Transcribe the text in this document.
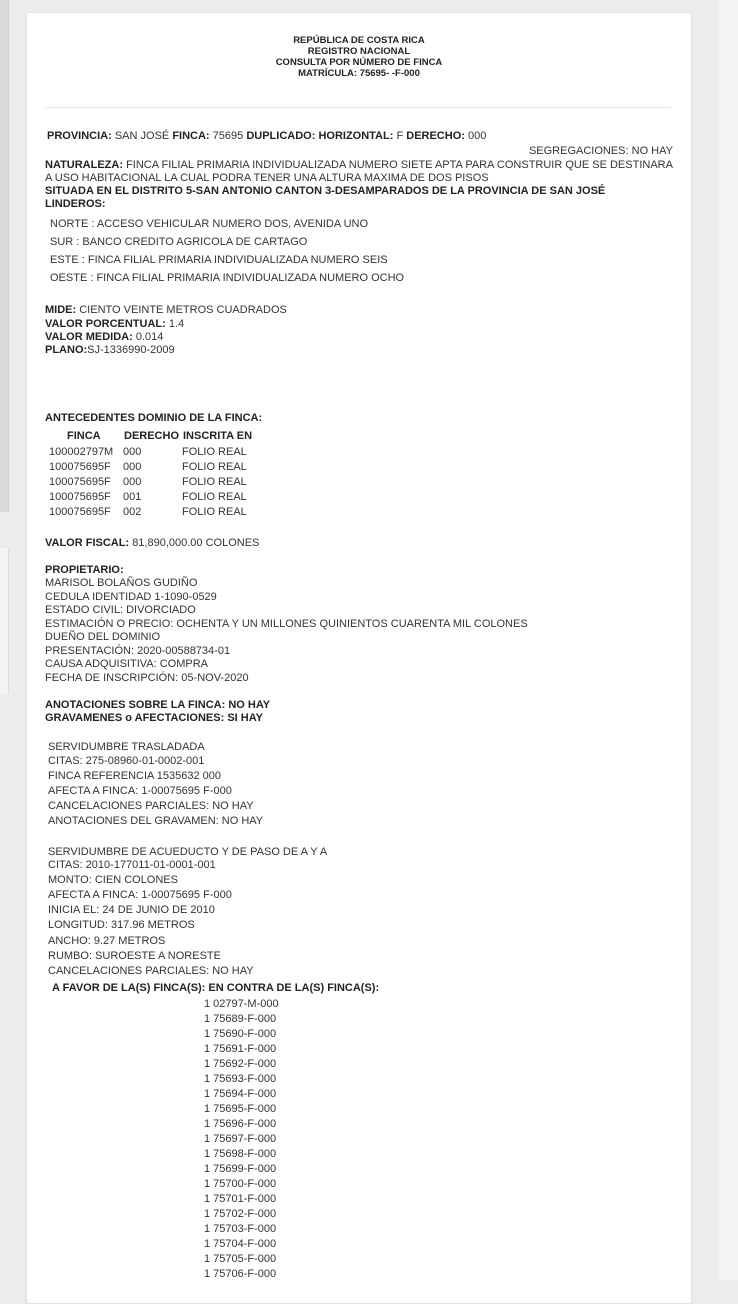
REPÚBLICA DE COSTA RICA
REGISTRO NACIONAL
CONSULTA POR NÚMERO DE FINCA
MATRÍCULA: 75695- -F-000
PROVINCIA: SAN JOSÉ FINCA: 75695 DUPLICADO: HORIZONTAL: F DERECHO: 000
SEGREGACIONES: NO HAY
NATURALEZA: FINCA FILIAL PRIMARIA INDIVIDUALIZADA NUMERO SIETE APTA PARA CONSTRUIR QUE SE DESTINARA A USO HABITACIONAL LA CUAL PODRA TENER UNA ALTURA MAXIMA DE DOS PISOS
SITUADA EN EL DISTRITO 5-SAN ANTONIO CANTON 3-DESAMPARADOS DE LA PROVINCIA DE SAN JOSÉ
LINDEROS:
NORTE : ACCESO VEHICULAR NUMERO DOS, AVENIDA UNO
SUR : BANCO CREDITO AGRICOLA DE CARTAGO
ESTE : FINCA FILIAL PRIMARIA INDIVIDUALIZADA NUMERO SEIS
OESTE : FINCA FILIAL PRIMARIA INDIVIDUALIZADA NUMERO OCHO
MIDE: CIENTO VEINTE METROS CUADRADOS
VALOR PORCENTUAL: 1.4
VALOR MEDIDA: 0.014
PLANO:SJ-1336990-2009
ANTECEDENTES DOMINIO DE LA FINCA:
FINCA DERECHO INSCRITA EN
100002797M
100075695F
100075695F
100075695F
100075695F
000
000
000
001
002
FOLIO REAL
FOLIO REAL
FOLIO REAL
FOLIO REAL
FOLIO REAL
VALOR FISCAL: 81,890,000.00 COLONES
PROPIETARIO:
MARISOL BOLAÑOS GUDIÑO
CEDULA IDENTIDAD 1-1090-0529
ESTADO CIVIL: DIVORCIADO
ESTIMACIÓN O PRECIO: OCHENTA Y UN MILLONES QUINIENTOS CUARENTA MIL COLONES
DUEÑO DEL DOMINIO
PRESENTACIÓN: 2020-00588734-01
CAUSA ADQUISITIVA: COMPRA
FECHA DE INSCRIPCIÓN: 05-NOV-2020
ANOTACIONES SOBRE LA FINCA: NO HAY
GRAVAMENES o AFECTACIONES: SI HAY
SERVIDUMBRE TRASLADADA
CITAS: 275-08960-01-0002-001
FINCA REFERENCIA 1535632 000
AFECTA A FINCA: 1-00075695 F-000
CANCELACIONES PARCIALES: NO HAY
ANOTACIONES DEL GRAVAMEN: NO HAY
SERVIDUMBRE DE ACUEDUCTO Y DE PASO DE A Y A
CITAS: 2010-177011-01-0001-001
MONTO: CIEN COLONES
AFECTA A FINCA: 1-00075695 F-000
INICIA EL: 24 DE JUNIO DE 2010
LONGITUD: 317.96 METROS
ANCHO: 9.27 METROS
RUMBO: SUROESTE A NORESTE
CANCELACIONES PARCIALES: NO HAY
A FAVOR DE LA(S) FINCA(S): EN CONTRA DE LA(S) FINCA(S):
1 02797-M-000
1 75689-F-000
1 75690-F-000
1 75691-F-000
1 75692-F-000
1 75693-F-000
1 75694-F-000
1 75695-F-000
1 75696-F-000
1 75697-F-000
1 75698-F-000
1 75699-F-000
1 75700-F-000
1 75701-F-000
1 75702-F-000
1 75703-F-000
1 75704-F-000
1 75705-F-000
1 75706-F-000
